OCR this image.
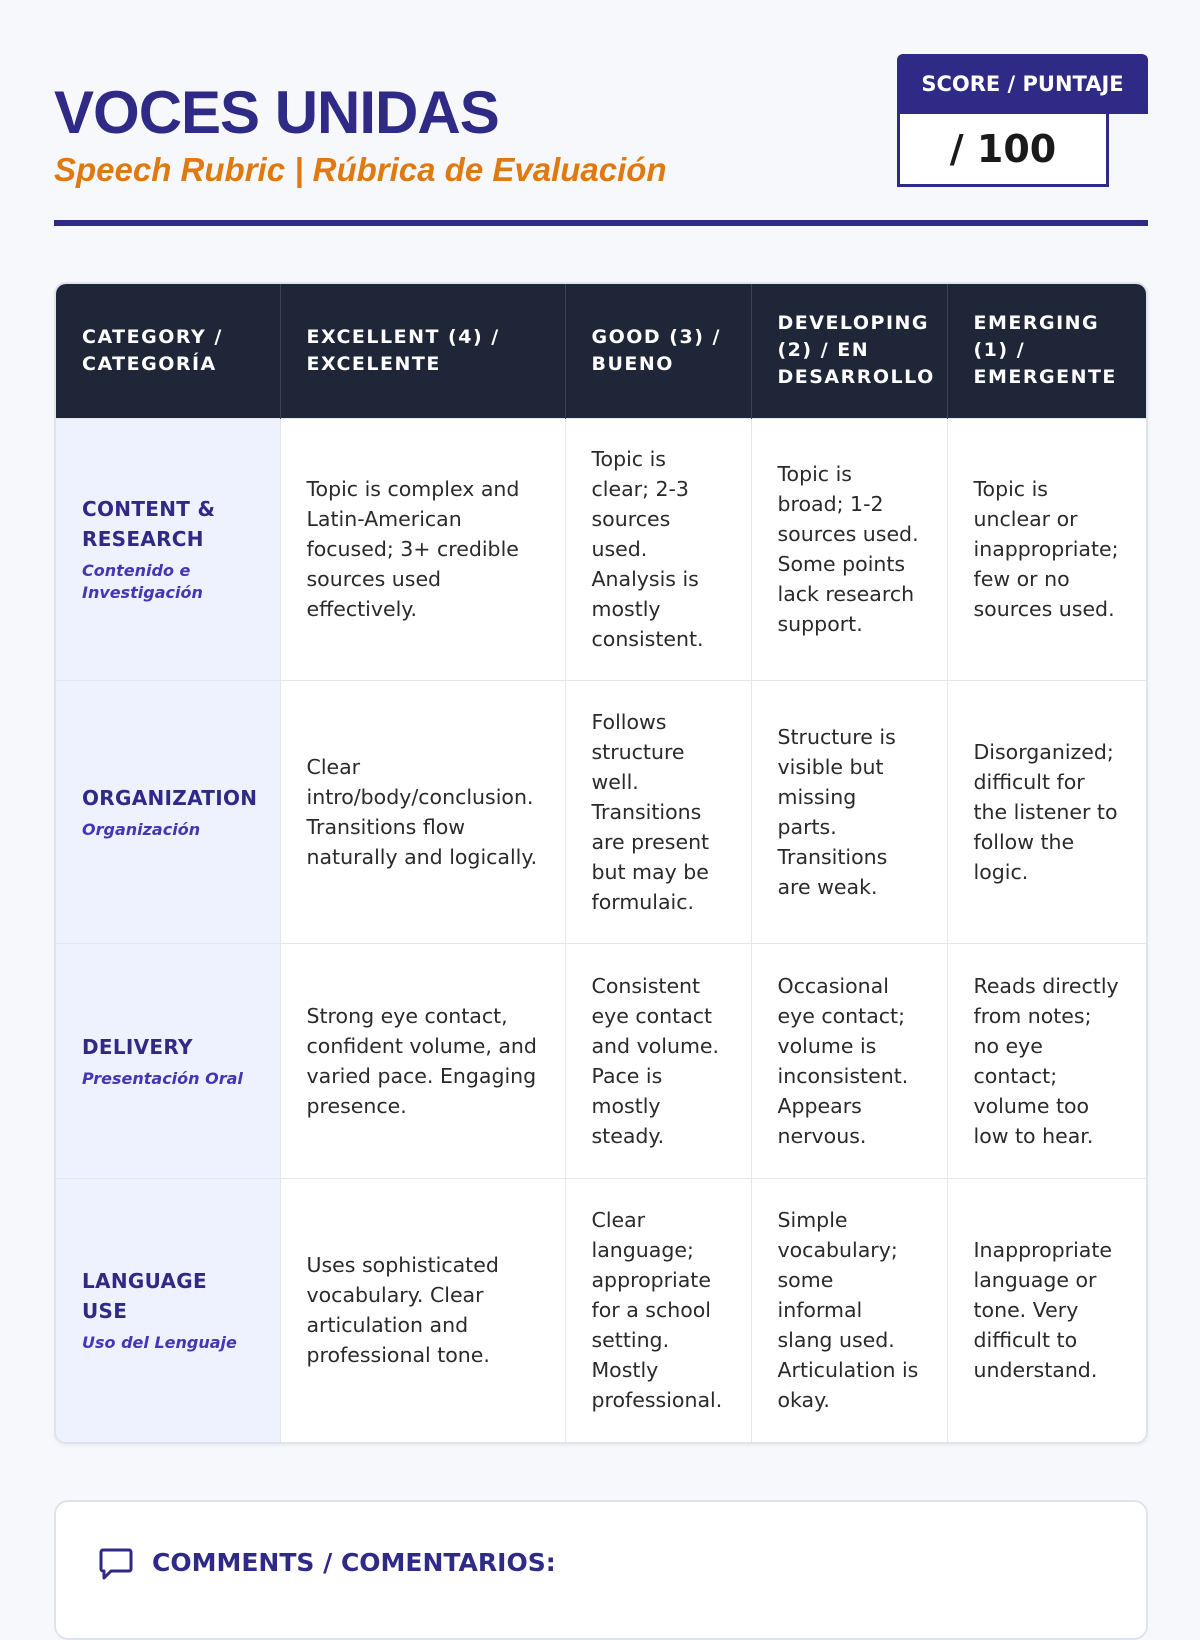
VOCES UNIDAS
Speech Rubric | Rúbrica de Evaluación
SCORE / PUNTAJE
/ 100
CATEGORY / CATEGORÍA	EXCELLENT (4) / EXCELENTE	GOOD (3) / BUENO	DEVELOPING (2) / EN DESARROLLO	EMERGING (1) / EMERGENTE

CONTENT & RESEARCH
Contenido e Investigación	Topic is complex and Latin-American focused; 3+ credible sources used effectively.	Topic is clear; 2-3 sources used. Analysis is mostly consistent.	Topic is broad; 1-2 sources used. Some points lack research support.	Topic is unclear or inappropriate; few or no sources used.

ORGANIZATION
Organización	Clear intro/body/conclusion. Transitions flow naturally and logically.	Follows structure well. Transitions are present but may be formulaic.	Structure is visible but missing parts. Transitions are weak.	Disorganized; difficult for the listener to follow the logic.

DELIVERY
Presentación Oral	Strong eye contact, confident volume, and varied pace. Engaging presence.	Consistent eye contact and volume. Pace is mostly steady.	Occasional eye contact; volume is inconsistent. Appears nervous.	Reads directly from notes; no eye contact; volume too low to hear.

LANGUAGE USE
Uso del Lenguaje	Uses sophisticated vocabulary. Clear articulation and professional tone.	Clear language; appropriate for a school setting. Mostly professional.	Simple vocabulary; some informal slang used. Articulation is okay.	Inappropriate language or tone. Very difficult to understand.
COMMENTS / COMENTARIOS:
